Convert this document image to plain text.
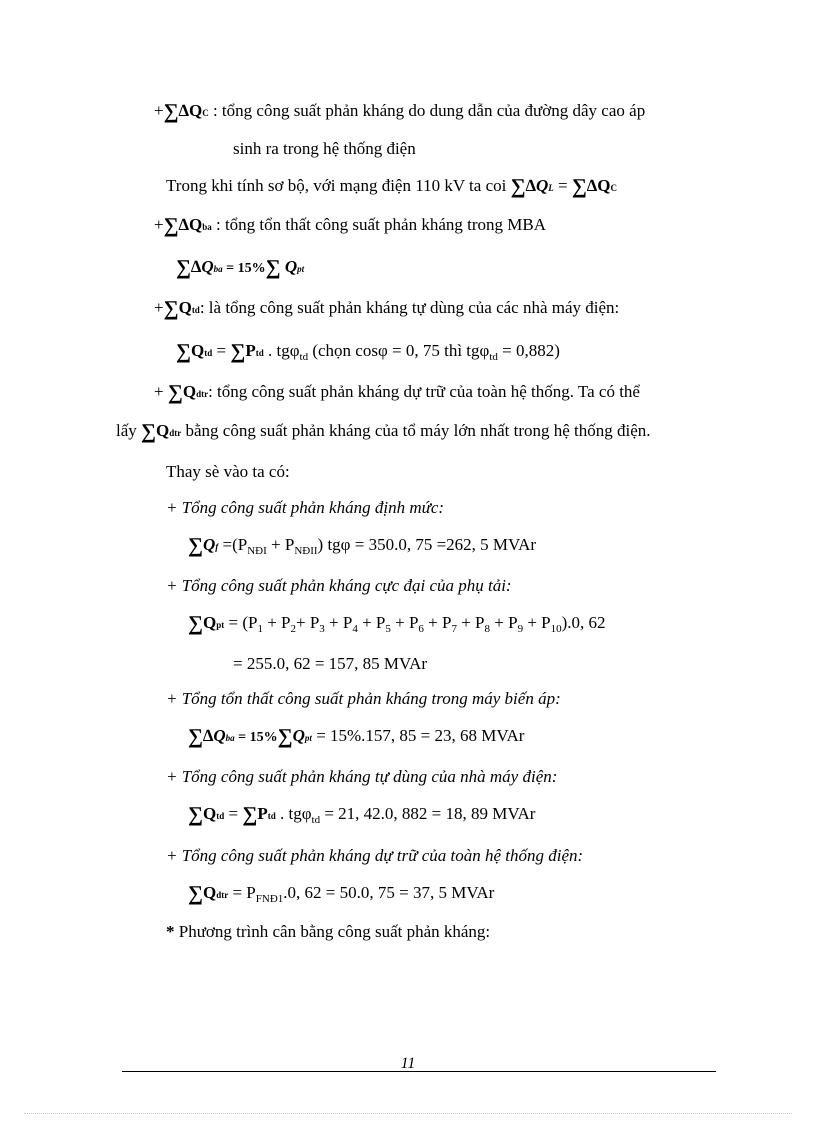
+∑∆QC : tổng công suất phản kháng do dung dẫn của đường dây cao áp
sinh ra trong hệ thống điện
Trong khi tính sơ bộ, với mạng điện 110 kV ta coi ∑∆QL = ∑∆QC
+∑∆Qba : tổng tổn thất công suất phản kháng trong MBA
∑∆Qba = 15%∑ Qpt
+∑Qtd: là tổng công suất phản kháng tự dùng của các nhà máy điện:
∑Qtd = ∑Ptd . tgφ$_{td}$ (chọn cosφ = 0, 75 thì tgφ$_{td}$ = 0,882)
+ ∑Qdtr: tổng công suất phản kháng dự trữ của toàn hệ thống. Ta có thể
lấy ∑Qdtr bằng công suất phản kháng của tổ máy lớn nhất trong hệ thống điện.
Thay sè vào ta có:
+ Tổng công suất phản kháng định mức:
$\sum Qf =(P_{NĐI} + P_{NĐII}) tg\varphi = 350.0$, 75 =262, 5 MVAr
+ Tổng công suất phản kháng cực đại của phụ tải:
$\sum Qpt = (P_1 + P_2+ P_3 + P_4 + P_5 + P_6 + P_7 + P_8 + P_9 + P_{10}).0$, 62
= 255.0, 62 = 157, 85 MVAr
+ Tổng tổn thất công suất phản kháng trong máy biến áp:
∑∆Qba = 15%∑Qpt = 15%.157, 85 = 23, 68 MVAr
+ Tổng công suất phản kháng tự dùng của nhà máy điện:
∑Qtd = ∑Ptd . tgφ$_{td}$ = 21, 42.0, 882 = 18, 89 MVAr
+ Tổng công suất phản kháng dự trữ của toàn hệ thống điện:
∑Qdtr = $P_{FNĐ1}.0$, 62 = 50.0, 75 = 37, 5 MVAr
* Phương trình cân bằng công suất phản kháng:
11
